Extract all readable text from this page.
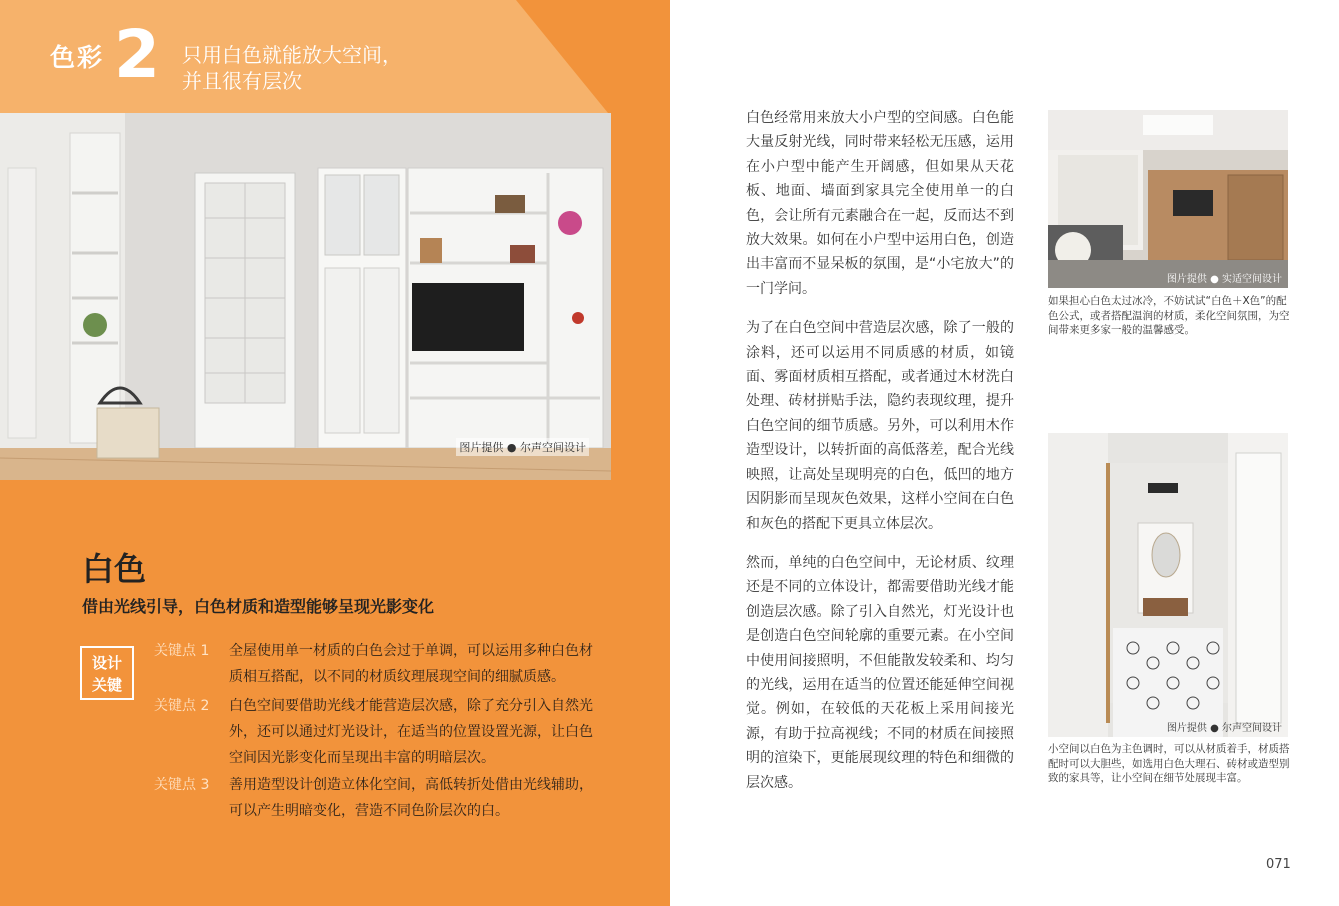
色彩 2 只用白色就能放大空间，
并且很有层次
图片提供 ● 尔声空间设计
白色
借由光线引导，白色材质和造型能够呈现光影变化
设计
关键
关键点 1 全屋使用单一材质的白色会过于单调，可以运用多种白色材质相互搭配，以不同的材质纹理展现空间的细腻质感。
关键点 2 白色空间要借助光线才能营造层次感，除了充分引入自然光外，还可以通过灯光设计，在适当的位置设置光源，让白色空间因光影变化而呈现出丰富的明暗层次。
关键点 3 善用造型设计创造立体化空间，高低转折处借由光线辅助，可以产生明暗变化，营造不同色阶层次的白。

白色经常用来放大小户型的空间感。白色能大量反射光线，同时带来轻松无压感，运用在小户型中能产生开阔感，但如果从天花板、地面、墙面到家具完全使用单一的白色，会让所有元素融合在一起，反而达不到放大效果。如何在小户型中运用白色，创造出丰富而不显呆板的氛围，是“小宅放大”的一门学问。

为了在白色空间中营造层次感，除了一般的涂料，还可以运用不同质感的材质，如镜面、雾面材质相互搭配，或者通过木材洗白处理、砖材拼贴手法，隐约表现纹理，提升白色空间的细节质感。另外，可以利用木作造型设计，以转折面的高低落差，配合光线映照，让高处呈现明亮的白色，低凹的地方因阴影而呈现灰色效果，这样小空间在白色和灰色的搭配下更具立体层次。

然而，单纯的白色空间中，无论材质、纹理还是不同的立体设计，都需要借助光线才能创造层次感。除了引入自然光，灯光设计也是创造白色空间轮廓的重要元素。在小空间中使用间接照明，不但能散发较柔和、均匀的光线，运用在适当的位置还能延伸空间视觉。例如，在较低的天花板上采用间接光源，有助于拉高视线；不同的材质在间接照明的渲染下，更能展现纹理的特色和细微的层次感。

图片提供 ● 实适空间设计
如果担心白色太过冰冷，不妨试试“白色＋X色”的配色公式，或者搭配温润的材质，柔化空间氛围，为空间带来更多家一般的温馨感受。
图片提供 ● 尔声空间设计
小空间以白色为主色调时，可以从材质着手，材质搭配时可以大胆些，如选用白色大理石、砖材或造型别致的家具等，让小空间在细节处展现丰富。
071
